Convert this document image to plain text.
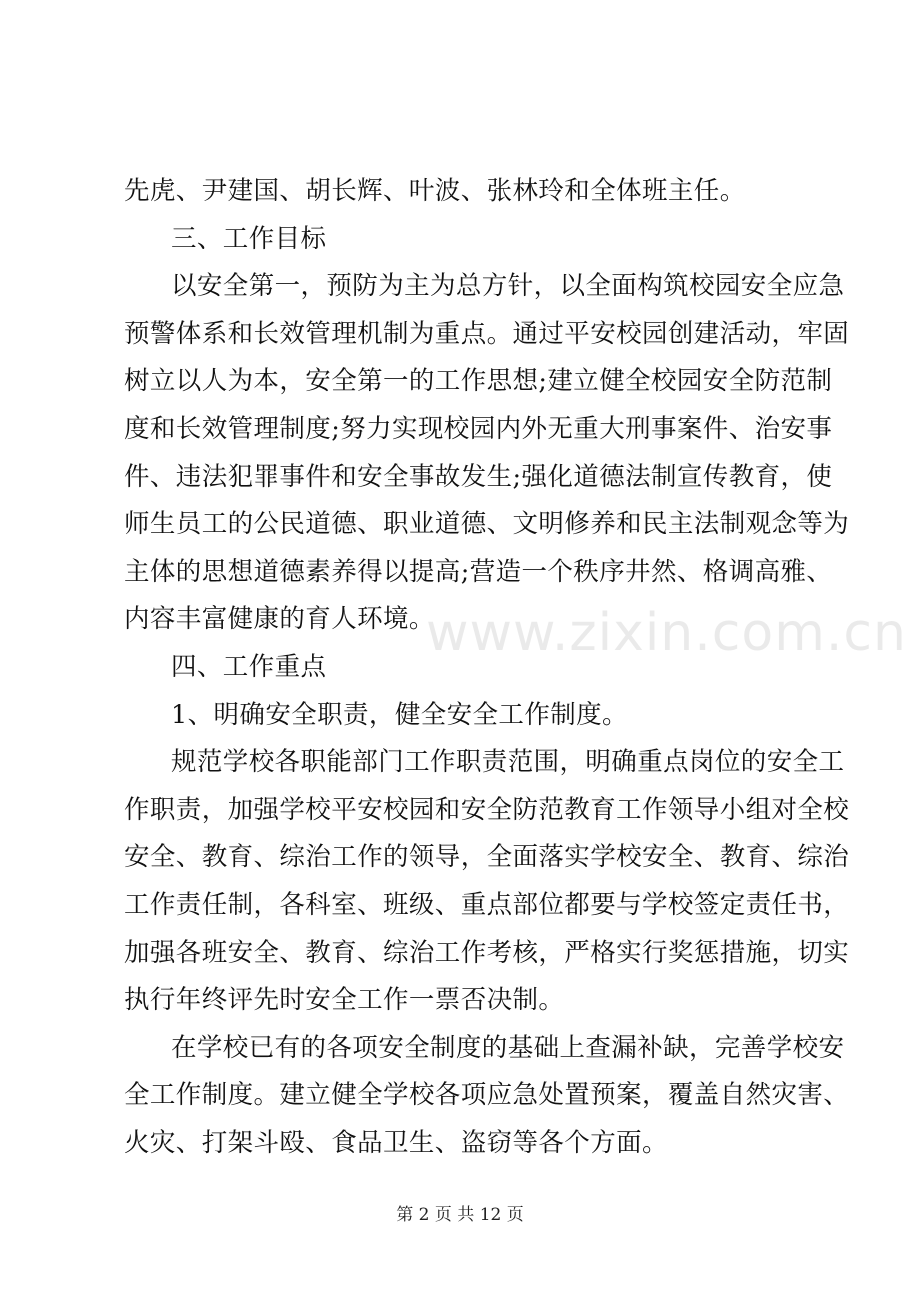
先虎、尹建国、胡长辉、叶波、张林玲和全体班主任。
三、工作目标
以安全第一，预防为主为总方针，以全面构筑校园安全应急
预警体系和长效管理机制为重点。通过平安校园创建活动，牢固
树立以人为本，安全第一的工作思想;建立健全校园安全防范制
度和长效管理制度;努力实现校园内外无重大刑事案件、治安事
件、违法犯罪事件和安全事故发生;强化道德法制宣传教育，使
师生员工的公民道德、职业道德、文明修养和民主法制观念等为
主体的思想道德素养得以提高;营造一个秩序井然、格调高雅、
内容丰富健康的育人环境。
四、工作重点
1、明确安全职责，健全安全工作制度。
规范学校各职能部门工作职责范围，明确重点岗位的安全工
作职责，加强学校平安校园和安全防范教育工作领导小组对全校
安全、教育、综治工作的领导，全面落实学校安全、教育、综治
工作责任制，各科室、班级、重点部位都要与学校签定责任书，
加强各班安全、教育、综治工作考核，严格实行奖惩措施，切实
执行年终评先时安全工作一票否决制。
在学校已有的各项安全制度的基础上查漏补缺，完善学校安
全工作制度。建立健全学校各项应急处置预案，覆盖自然灾害、
火灾、打架斗殴、食品卫生、盗窃等各个方面。
www.zixin.com.cn
第 2 页 共 12 页
